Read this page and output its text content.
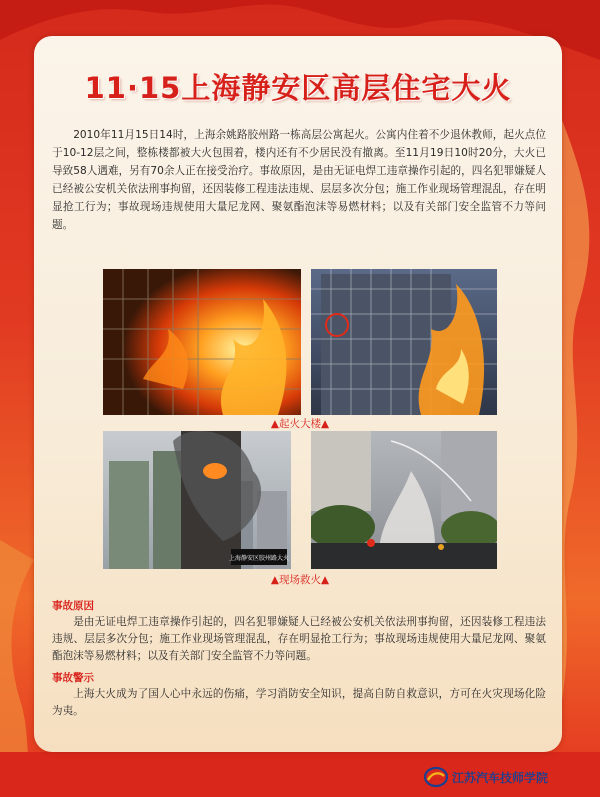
11·15上海静安区高层住宅大火

2010年11月15日14时，上海余姚路胶州路一栋高层公寓起火。公寓内住着不少退休教师，起火点位于10-12层之间，整栋楼都被大火包围着，楼内还有不少居民没有撤离。至11月19日10时20分，大火已导致58人遇难，另有70余人正在接受治疗。事故原因，是由无证电焊工违章操作引起的，四名犯罪嫌疑人已经被公安机关依法刑事拘留，还因装修工程违法违规、层层多次分包；施工作业现场管理混乱，存在明显抢工行为；事故现场违规使用大量尼龙网、聚氨酯泡沫等易燃材料；以及有关部门安全监管不力等问题。

▲起火大楼▲
上海静安区胶州路大火
▲现场救火▲
事故原因

是由无证电焊工违章操作引起的，四名犯罪嫌疑人已经被公安机关依法刑事拘留，还因装修工程违法违规、层层多次分包；施工作业现场管理混乱，存在明显抢工行为；事故现场违规使用大量尼龙网、聚氨酯泡沫等易燃材料；以及有关部门安全监管不力等问题。

事故警示

上海大火成为了国人心中永远的伤痛，学习消防安全知识，提高自防自救意识，方可在火灾现场化险为夷。

江苏汽车技师学院
